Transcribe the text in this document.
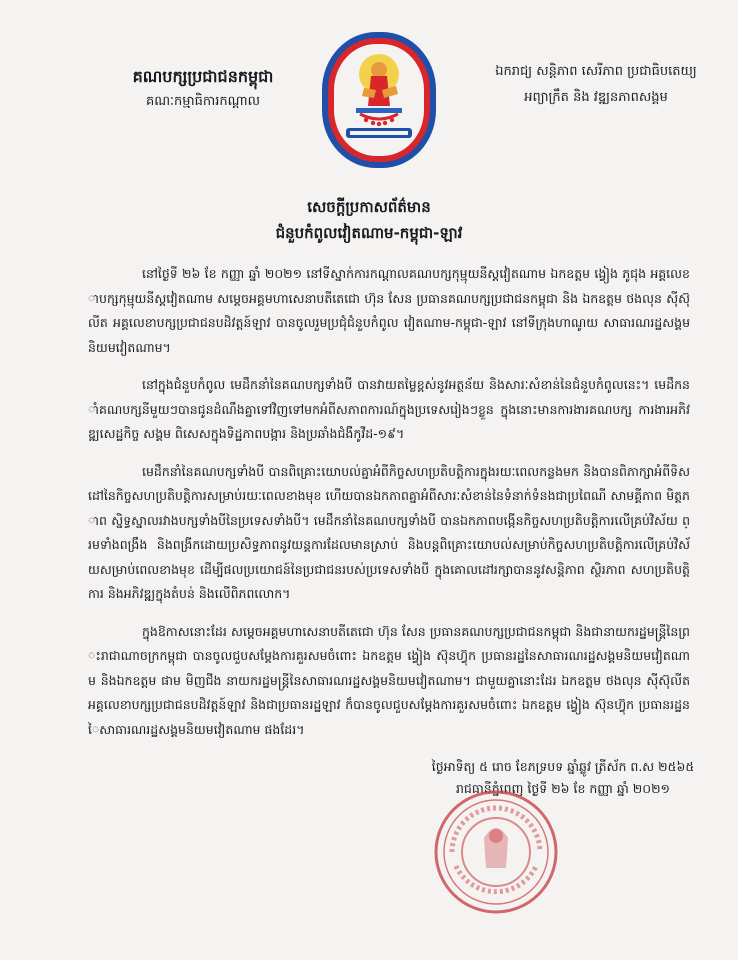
គណបក្សប្រជាជនកម្ពុជា
គណៈកម្មាធិការកណ្ដាល
ឯករាជ្យ សន្តិភាព សេរីភាព ប្រជាធិបតេយ្យ
អព្យាក្រឹត និង វឌ្ឍនភាពសង្គម
សេចក្ដីប្រកាសព័ត៌មាន
ជំនួបកំពូលវៀតណាម-កម្ពុជា-ឡាវ

នៅថ្ងៃទី ២៦ ខែ កញ្ញា ឆ្នាំ ២០២១ នៅទីស្នាក់ការកណ្ដាលគណបក្សកុម្មុយនីស្តវៀតណាម ឯកឧត្តម ង្វៀង ភូជុង អគ្គលេខាបក្សកុម្មុយនីស្តវៀតណាម សម្ដេចអគ្គមហាសេនាបតីតេជោ ហ៊ុន សែន ប្រធានគណបក្សប្រជាជនកម្ពុជា និង ឯកឧត្តម ថងលុន ស៊ីស៊ុលីត អគ្គលេខាបក្សប្រជាជនបដិវត្តន៍ឡាវ បានចូលរួមប្រជុំជំនួបកំពូល វៀតណាម-កម្ពុជា-ឡាវ នៅទីក្រុងហាណូយ សាធារណរដ្ឋសង្គមនិយមវៀតណាម។

នៅក្នុងជំនួបកំពូល មេដឹកនាំនៃគណបក្សទាំងបី បានវាយតម្លៃខ្ពស់នូវអត្ថន័យ និងសារៈសំខាន់នៃជំនួបកំពូលនេះ។ មេដឹកនាំគណបក្សនីមួយៗបានជូនដំណឹងគ្នាទៅវិញទៅមកអំពីសភាពការណ៍ក្នុងប្រទេសរៀងៗខ្លួន ក្នុងនោះមានការងារគណបក្ស ការងារអភិវឌ្ឍសេដ្ឋកិច្ច សង្គម ពិសេសក្នុងទិដ្ឋភាពបង្ការ និងប្រឆាំងជំងឺកូវីដ-១៩។

មេដឹកនាំនៃគណបក្សទាំងបី បានពិគ្រោះយោបល់គ្នាអំពីកិច្ចសហប្រតិបត្តិការក្នុងរយៈពេលកន្លងមក និងបានពិភាក្សាអំពីទិសដៅនៃកិច្ចសហប្រតិបត្តិការសម្រាប់រយៈពេលខាងមុខ ហើយបានឯកភាពគ្នាអំពីសារៈសំខាន់នៃទំនាក់ទំនងជាប្រពៃណី សាមគ្គីភាព មិត្តភាព ស្និទ្ធស្នាលរវាងបក្សទាំងបីនៃប្រទេសទាំងបី។ មេដឹកនាំនៃគណបក្សទាំងបី បានឯកភាពបង្កើនកិច្ចសហប្រតិបត្តិការលើគ្រប់វិស័យ ព្រមទាំងពង្រឹង និងពង្រីកដោយប្រសិទ្ធភាពនូវយន្តការដែលមានស្រាប់ និងបន្តពិគ្រោះយោបល់សម្រាប់កិច្ចសហប្រតិបត្តិការលើគ្រប់វិស័យសម្រាប់ពេលខាងមុខ ដើម្បីផលប្រយោជន៍នៃប្រជាជនរបស់ប្រទេសទាំងបី ក្នុងគោលដៅរក្សាបាននូវសន្តិភាព ស្ថិរភាព សហប្រតិបត្តិការ និងអភិវឌ្ឍក្នុងតំបន់ និងលើពិភពលោក។

ក្នុងឱកាសនោះដែរ សម្ដេចអគ្គមហាសេនាបតីតេជោ ហ៊ុន សែន ប្រធានគណបក្សប្រជាជនកម្ពុជា និងជានាយករដ្ឋមន្ត្រីនៃព្រះរាជាណាចក្រកម្ពុជា បានចូលជួបសម្ដែងការគួរសមចំពោះ ឯកឧត្តម ង្វៀង ស៊ុនហ៊្វុក ប្រធានរដ្ឋនៃសាធារណរដ្ឋសង្គមនិយមវៀតណាម និងឯកឧត្តម ផាម មិញជីង នាយករដ្ឋមន្ត្រីនៃសាធារណរដ្ឋសង្គមនិយមវៀតណាម។ ជាមួយគ្នានោះដែរ ឯកឧត្តម ថងលុន ស៊ីស៊ុលីត អគ្គលេខាបក្សប្រជាជនបដិវត្តន៍ឡាវ និងជាប្រធានរដ្ឋឡាវ ក៏បានចូលជួបសម្ដែងការគួរសមចំពោះ ឯកឧត្តម ង្វៀង ស៊ុនហ៊្វុក ប្រធានរដ្ឋនៃសាធារណរដ្ឋសង្គមនិយមវៀតណាម ផងដែរ។

ថ្ងៃអាទិត្យ ៥ រោច ខែភទ្របទ ឆ្នាំឆ្លូវ ត្រីស័ក ព.ស ២៥៦៥
រាជធានីភ្នំពេញ ថ្ងៃទី ២៦ ខែ កញ្ញា ឆ្នាំ ២០២១
